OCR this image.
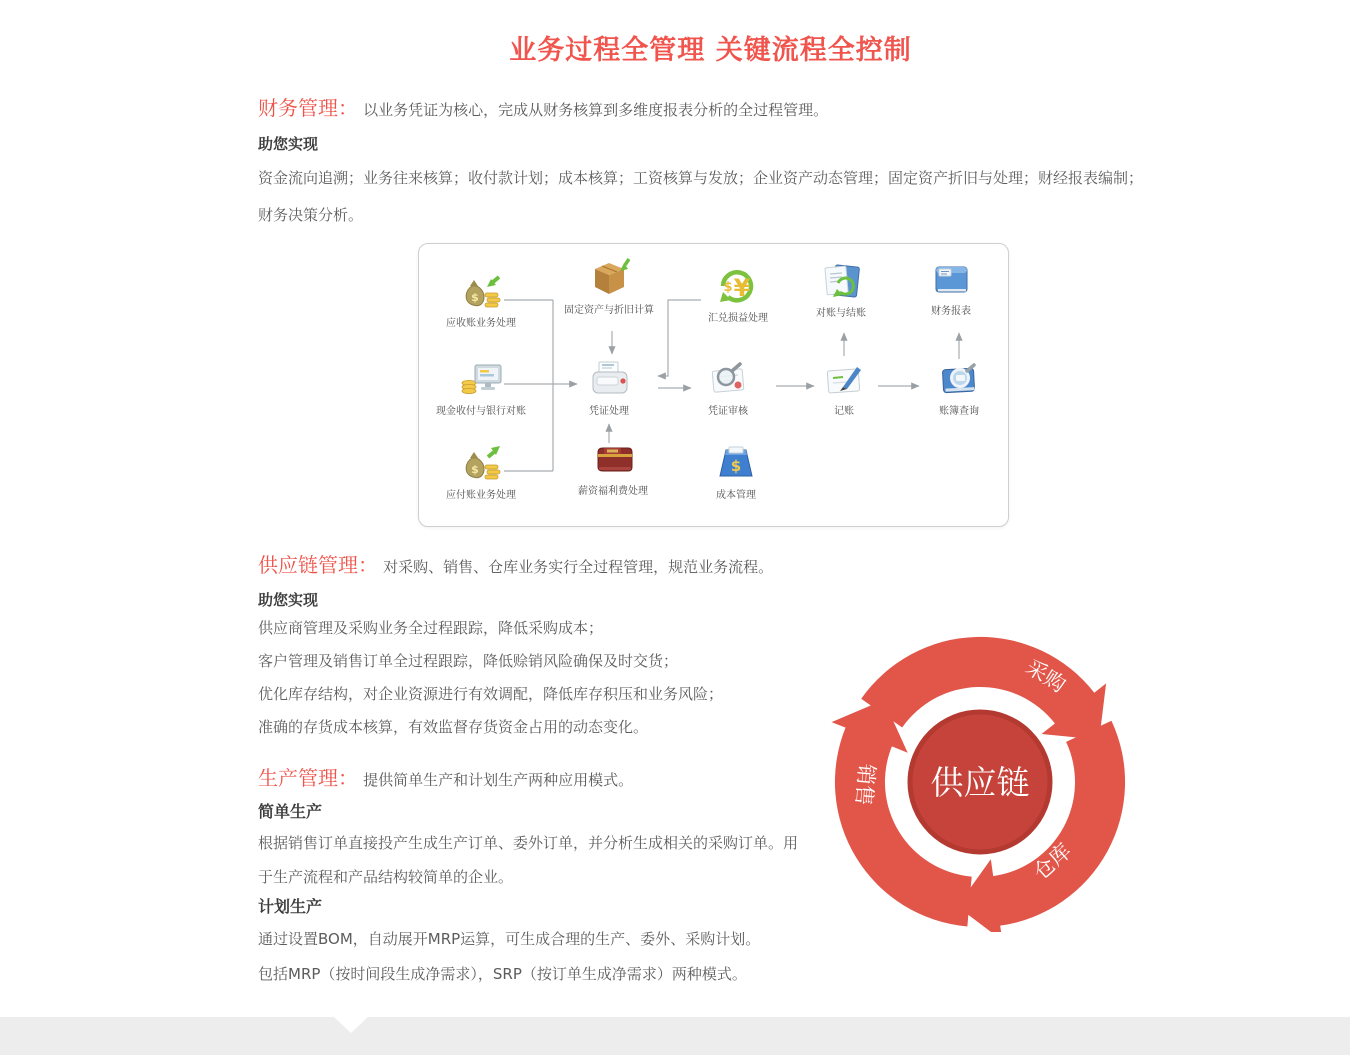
业务过程全管理 关键流程全控制
财务管理： 以业务凭证为核心，完成从财务核算到多维度报表分析的全过程管理。
助您实现

资金流向追溯；业务往来核算；收付款计划；成本核算；工资核算与发放；企业资产动态管理；固定资产折旧与处理；财经报表编制；财务决策分析。

$
应收账业务处理
固定资产与折旧计算
¥
$
汇兑损益处理	对账与结账	财务报表
现金收付与银行对账	凭证处理	凭证审核	记账	账簿查询
$
应付账业务处理	薪资福利费处理
$
成本管理
供应链管理： 对采购、销售、仓库业务实行全过程管理，规范业务流程。
助您实现

供应商管理及采购业务全过程跟踪，降低采购成本；

客户管理及销售订单全过程跟踪，降低赊销风险确保及时交货；

优化库存结构，对企业资源进行有效调配，降低库存积压和业务风险；

准确的存货成本核算，有效监督存货资金占用的动态变化。

生产管理： 提供简单生产和计划生产两种应用模式。
简单生产

根据销售订单直接投产生成生产订单、委外订单，并分析生成相关的采购订单。用于生产流程和产品结构较简单的企业。

计划生产

通过设置BOM，自动展开MRP运算，可生成合理的生产、委外、采购计划。

包括MRP（按时间段生成净需求），SRP（按订单生成净需求）两种模式。

供应链
采购
仓库
销售
